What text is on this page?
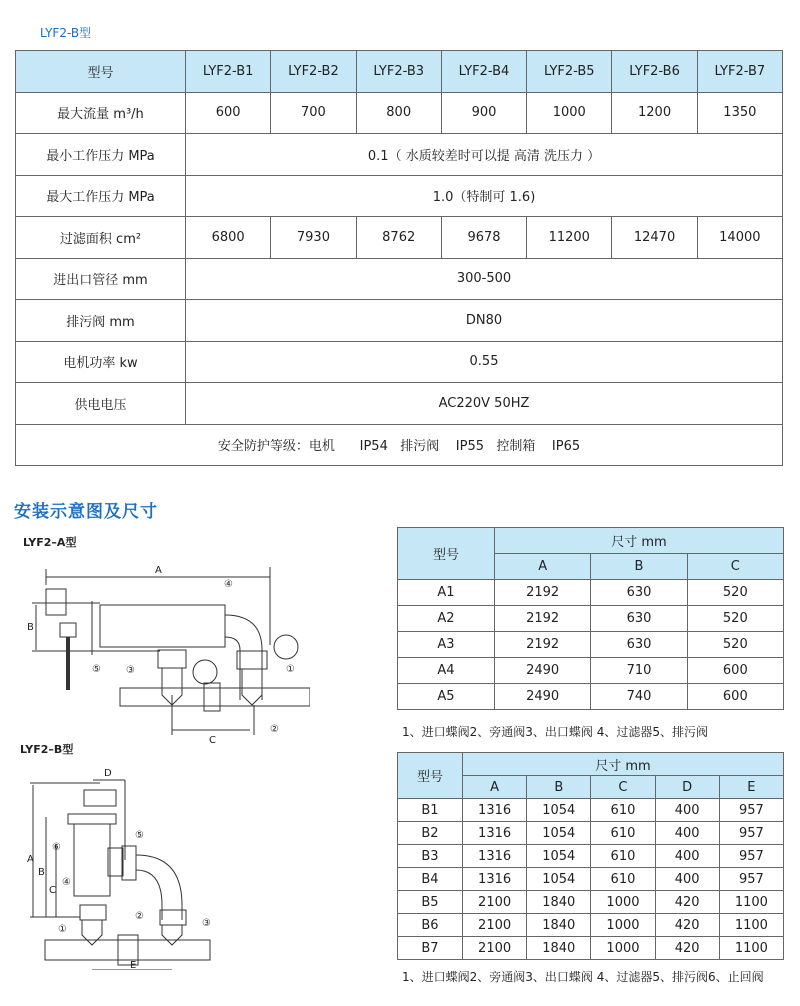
LYF2-B型
型号	LYF2-B1	LYF2-B2	LYF2-B3	LYF2-B4	LYF2-B5	LYF2-B6	LYF2-B7
最大流量 m³/h	600	700	800	900	1000	1200	1350
最小工作压力 MPa	0.1（ 水质较差时可以提 高清 洗压力 ）						
最大工作压力 MPa	1.0（特制可 1.6)						
过滤面积 cm²	6800	7930	8762	9678	11200	12470	14000
进出口管径 mm	300-500						
排污阀 mm	DN80						
电机功率 kw	0.55						
供电电压	AC220V 50HZ						
安全防护等级：电机      IP54   排污阀    IP55   控制箱    IP65							
安装示意图及尺寸
LYF2–A型
LYF2–B型
A
B
C
①
②
③
④
⑤
D
A
B
C
E
①
②
③
④
⑤
⑥
型号	尺寸 mm		
	A	B	C
A1	2192	630	520
A2	2192	630	520
A3	2192	630	520
A4	2490	710	600
A5	2490	740	600
1、进口蝶阀2、旁通阀3、出口蝶阀 4、过滤器5、排污阀
型号	尺寸 mm				
	A	B	C	D	E
B1	1316	1054	610	400	957
B2	1316	1054	610	400	957
B3	1316	1054	610	400	957
B4	1316	1054	610	400	957
B5	2100	1840	1000	420	1100
B6	2100	1840	1000	420	1100
B7	2100	1840	1000	420	1100
1、进口蝶阀2、旁通阀3、出口蝶阀 4、过滤器5、排污阀6、止回阀
